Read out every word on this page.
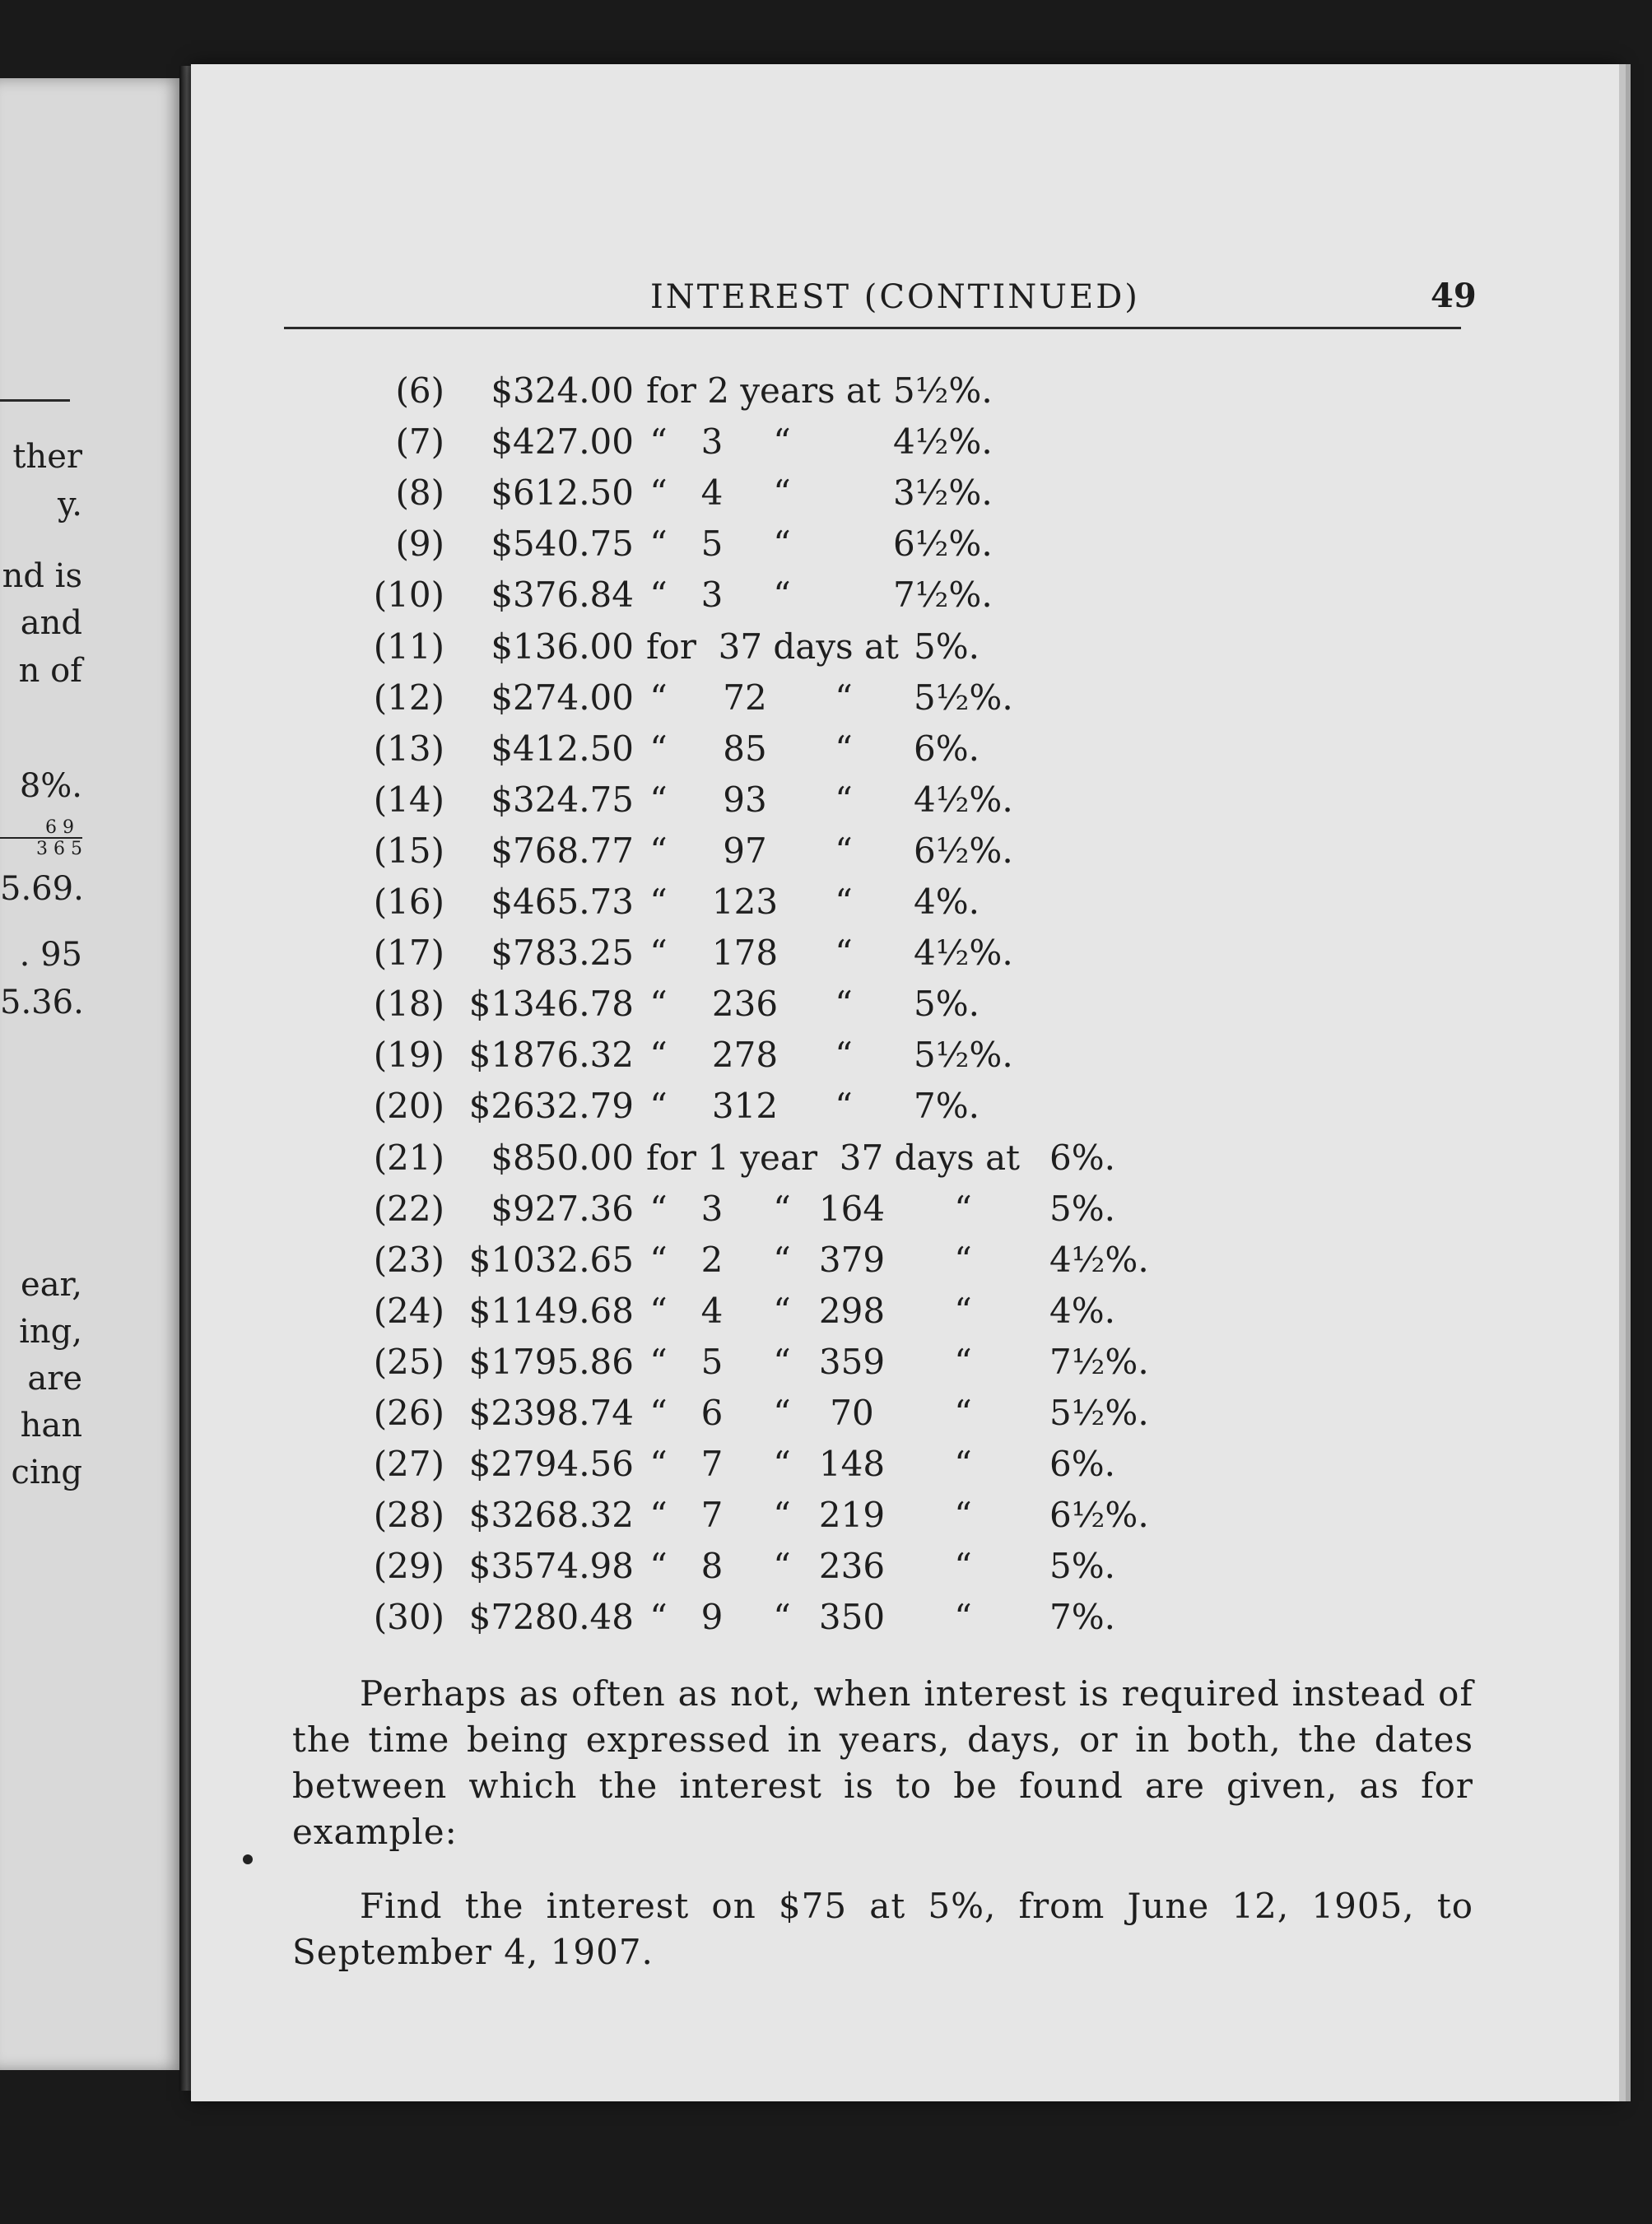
ther
y.
nd is
and
n of
8%.
6 9
3 6 5
5.69.
. 95
5.36.
ear,
ing,
are
han
cing
INTEREST (CONTINUED)	49
(6)	$324.00 for 2 years at 5½%.
(7)	$427.00 “ 3	“	4½%.
(8)	$612.50 “ 4	“	3½%.
(9)	$540.75 “ 5	“	6½%.
(10)	$376.84 “ 3	“	7½%.
(11)	$136.00 for  37 days at 5%.
(12)	$274.00 “	72	“ 5½%.
(13)	$412.50 “	85	“ 6%.
(14)	$324.75 “	93	“ 4½%.
(15)	$768.77 “	97	“ 6½%.
(16)	$465.73 “	123	“ 4%.
(17)	$783.25 “	178	“ 4½%.
(18) $1346.78 “	236	“ 5%.
(19) $1876.32 “	278	“ 5½%.
(20) $2632.79 “	312	“ 7%.
(21)	$850.00 for 1 year  37 days at 6%.
(22)	$927.36 “ 3	“ 164 “ 5%.
(23) $1032.65 “ 2	“ 379 “ 4½%.
(24) $1149.68 “ 4	“ 298 “ 4%.
(25) $1795.86 “ 5	“ 359 “ 7½%.
(26) $2398.74 “ 6	“	70	“ 5½%.
(27) $2794.56 “ 7	“ 148 “ 6%.
(28) $3268.32 “ 7	“ 219 “ 6½%.
(29) $3574.98 “ 8	“ 236 “ 5%.
(30) $7280.48 “ 9	“ 350 “ 7%.
Perhaps as often as not, when interest is required instead of the time being expressed in years, days, or in both, the dates between which the interest is to be found are given, as for example:
Find the interest on $75 at 5%, from June 12, 1905, to September 4, 1907.
